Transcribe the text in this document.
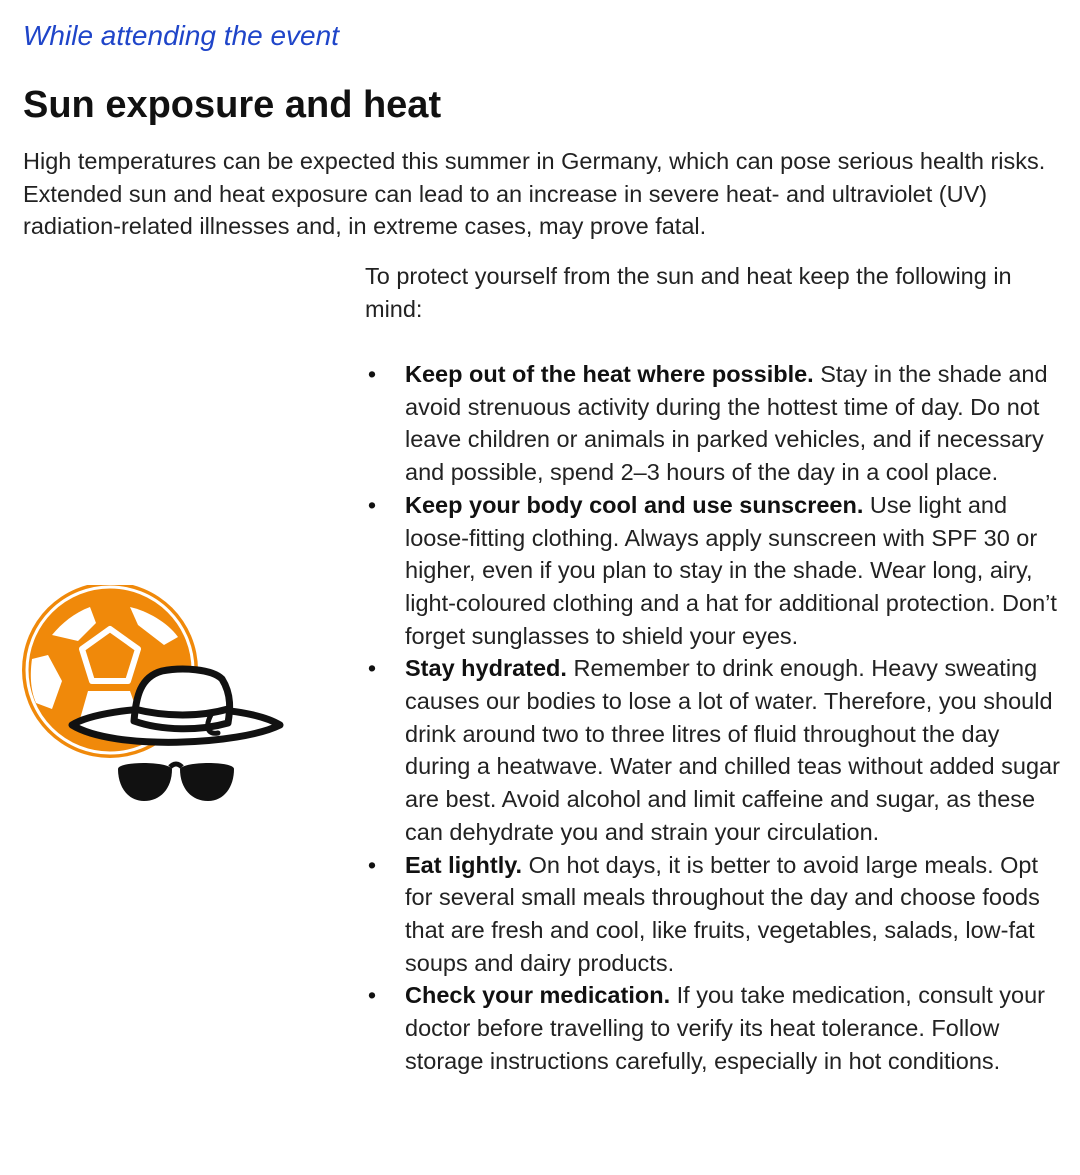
While attending the event

Sun exposure and heat

High temperatures can be expected this summer in Germany, which can pose serious health risks. Extended sun and heat exposure can lead to an increase in severe heat- and ultraviolet (UV) radiation-related illnesses and, in extreme cases, may prove fatal.

To protect yourself from the sun and heat keep the following in mind:

• Keep out of the heat where possible. Stay in the shade and avoid strenuous activity during the hottest time of day. Do not leave children or animals in parked vehicles, and if necessary and possible, spend 2–3 hours of the day in a cool place.
• Keep your body cool and use sunscreen. Use light and loose-fitting clothing. Always apply sunscreen with SPF 30 or higher, even if you plan to stay in the shade. Wear long, airy, light-coloured clothing and a hat for additional protection. Don’t forget sunglasses to shield your eyes.
• Stay hydrated. Remember to drink enough. Heavy sweating causes our bodies to lose a lot of water. Therefore, you should drink around two to three litres of fluid throughout the day during a heatwave. Water and chilled teas without added sugar are best. Avoid alcohol and limit caffeine and sugar, as these can dehydrate you and strain your circulation.
• Eat lightly. On hot days, it is better to avoid large meals. Opt for several small meals throughout the day and choose foods that are fresh and cool, like fruits, vegetables, salads, low-fat soups and dairy products.
• Check your medication. If you take medication, consult your doctor before travelling to verify its heat tolerance. Follow storage instructions carefully, especially in hot conditions.
